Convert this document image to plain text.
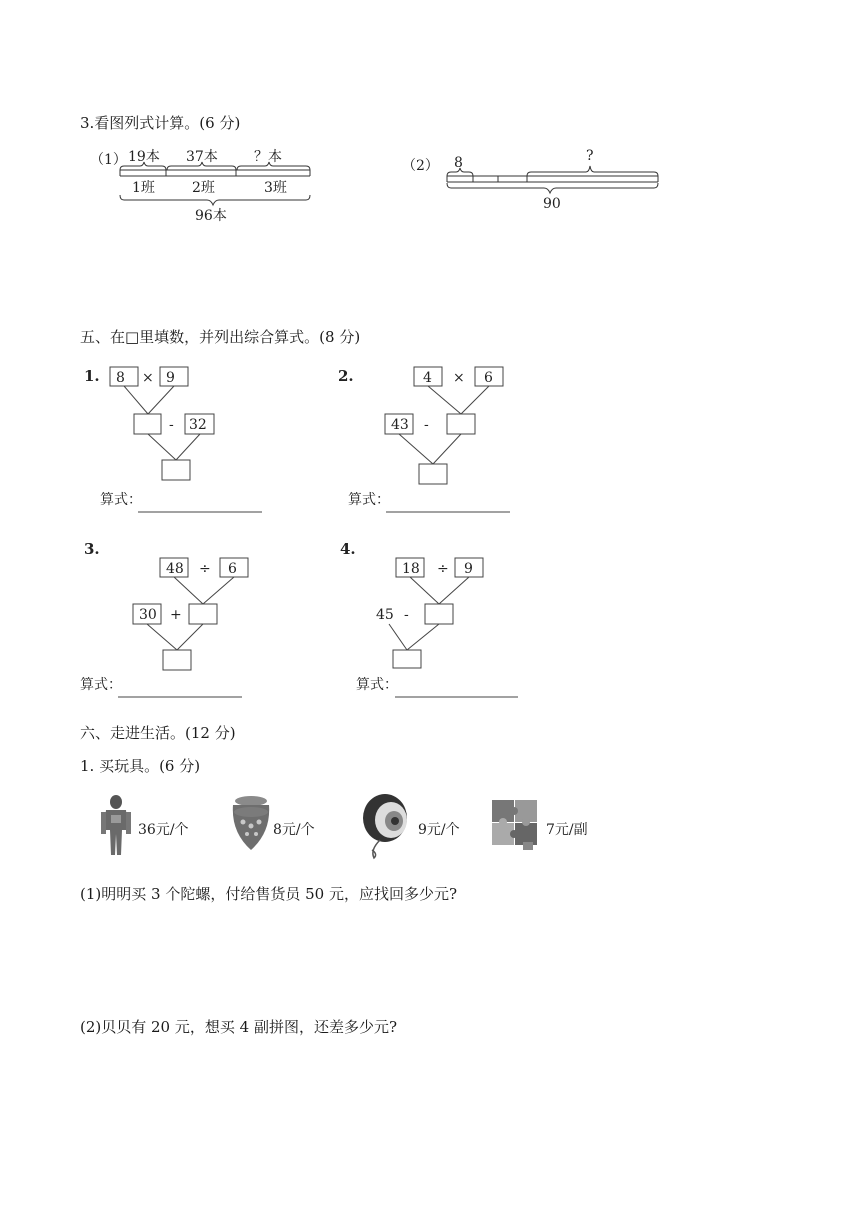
3.看图列式计算。(6 分)
（1） 19本 37本	？本
1班	2班	3班
96本
（2） 8	?
90
1. 8 × 9
- 32
算式：
2.	4 × 6
43 -
算式：
3.
48 ÷ 6
30 +
算式：
4.
18 ÷ 9
45 -
算式：
36元/个	8元/个	9元/个	7元/副
五、在□里填数，并列出综合算式。(8 分)
六、走进生活。(12 分)
1. 买玩具。(6 分)
(1)明明买 3 个陀螺，付给售货员 50 元，应找回多少元?
(2)贝贝有 20 元，想买 4 副拼图，还差多少元?
